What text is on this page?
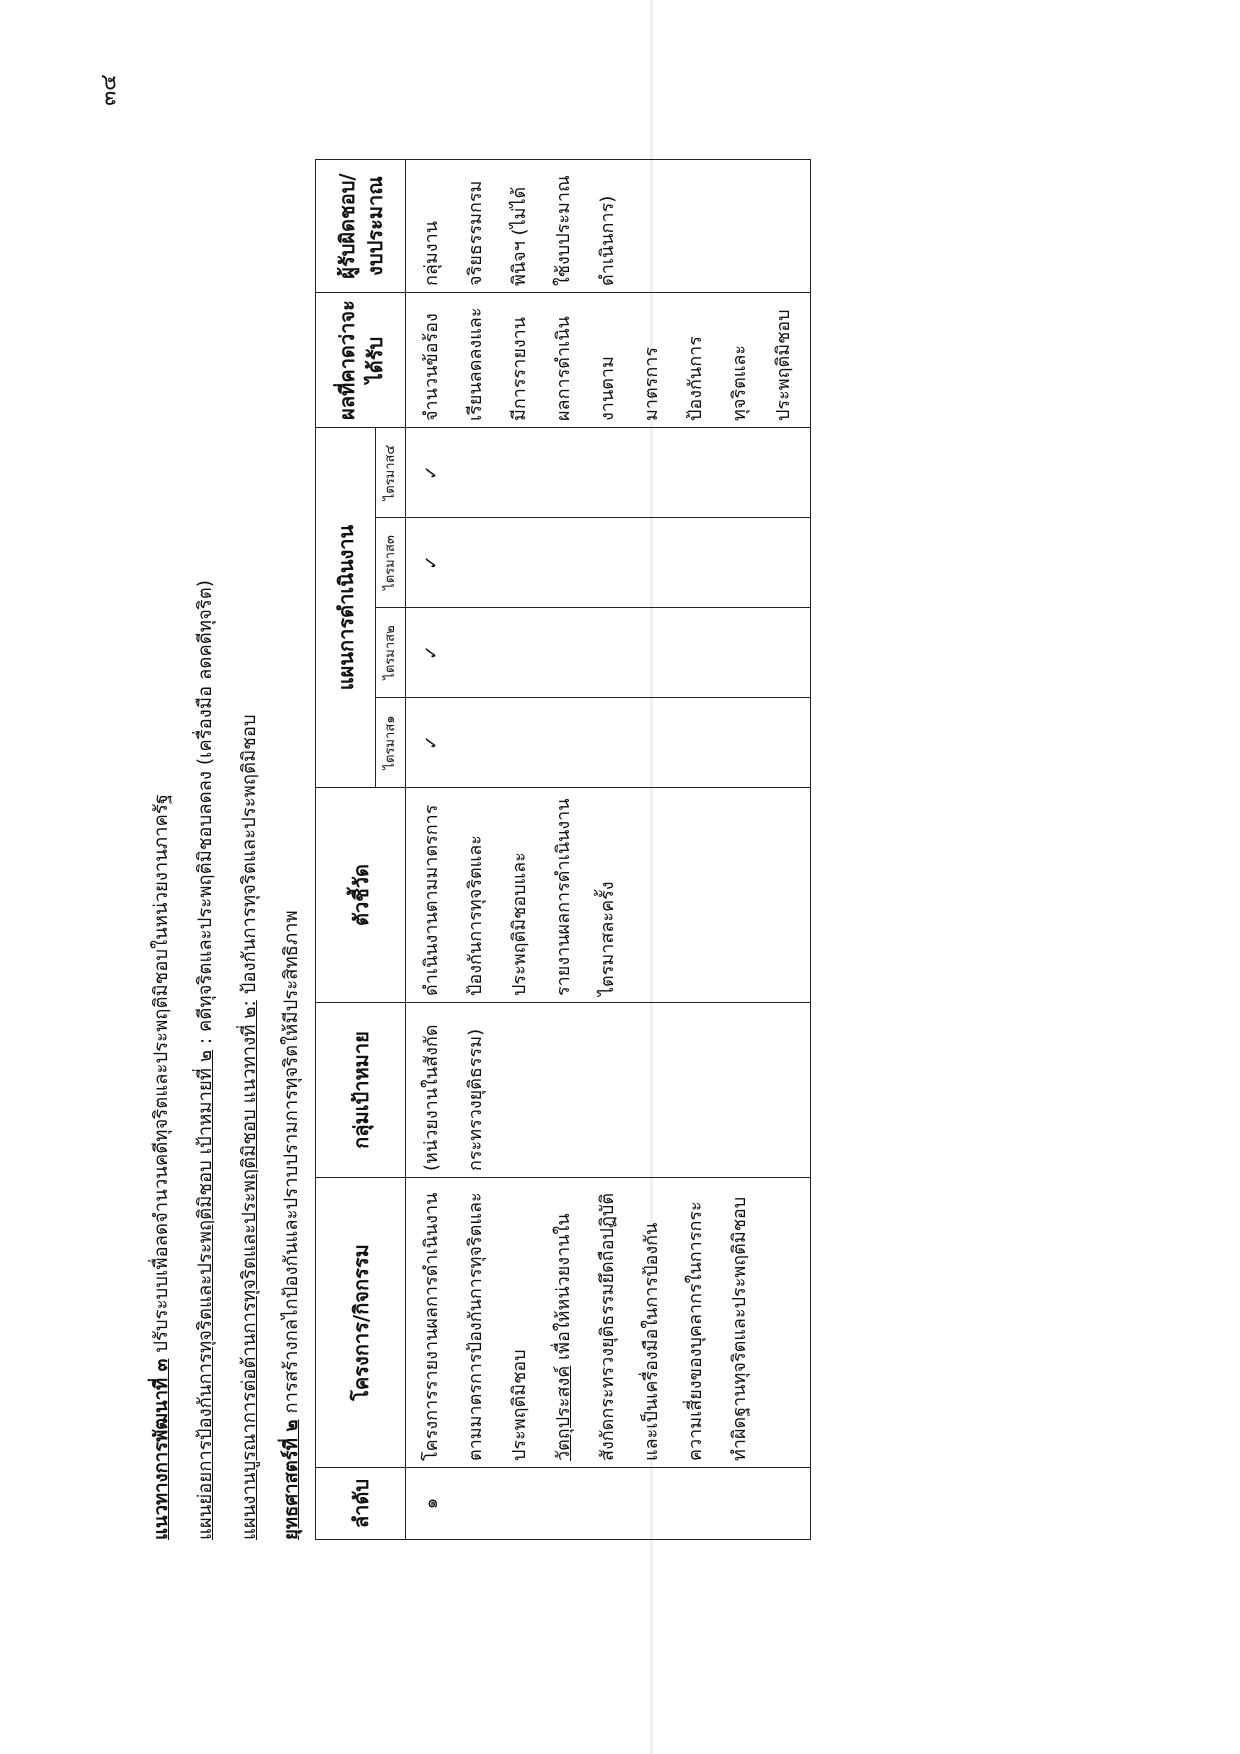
๓๔
แนวทางการพัฒนาที่ ๓ ปรับระบบเพื่อลดจำนวนคดีทุจริตและประพฤติมิชอบในหน่วยงานภาครัฐ	แผนย่อยการป้องกันการทุจริตและประพฤติมิชอบ เป้าหมายที่ ๒ : คดีทุจริตและประพฤติมิชอบลดลง (เครื่องมือ ลดคดีทุจริต)
แผนงานบูรณาการต่อต้านการทุจริตและประพฤติมิชอบ แนวทางที่ ๒: ป้องกันการทุจริตและประพฤติมิชอบ
ยุทธศาสตร์ที่ ๒ การสร้างกลไกป้องกันและปราบปรามการทุจริตให้มีประสิทธิภาพ
ลำดับ	โครงการ/กิจกรรม	กลุ่มเป้าหมาย	ตัวชี้วัด	แผนการดำเนินงาน				ผลที่คาดว่าจะได้รับ	ผู้รับผิดชอบ/งบประมาณ
				ไตรมาส๑	ไตรมาส๒	ไตรมาส๓	ไตรมาส๔		
๑	โครงการรายงานผลการดำเนินงานตามมาตรการป้องกันการทุจริตและประพฤติมิชอบ วัตถุประสงค์ เพื่อให้หน่วยงานในสังกัดกระทรวงยุติธรรมยึดถือปฏิบัติและเป็นเครื่องมือในการป้องกันความเสี่ยงของบุคลากรในการกระทำผิดฐานทุจริตและประพฤติมิชอบ	(หน่วยงานในสังกัดกระทรวงยุติธรรม)	ดำเนินงานตามมาตรการป้องกันการทุจริตและประพฤติมิชอบและรายงานผลการดำเนินงานไตรมาสละครั้ง	✓	✓	✓	✓	จำนวนข้อร้องเรียนลดลงและมีการรายงานผลการดำเนินงานตามมาตรการป้องกันการทุจริตและประพฤติมิชอบ	กลุ่มงานจริยธรรมกรมพินิจฯ (ไม่ได้ใช้งบประมาณดำเนินการ)
